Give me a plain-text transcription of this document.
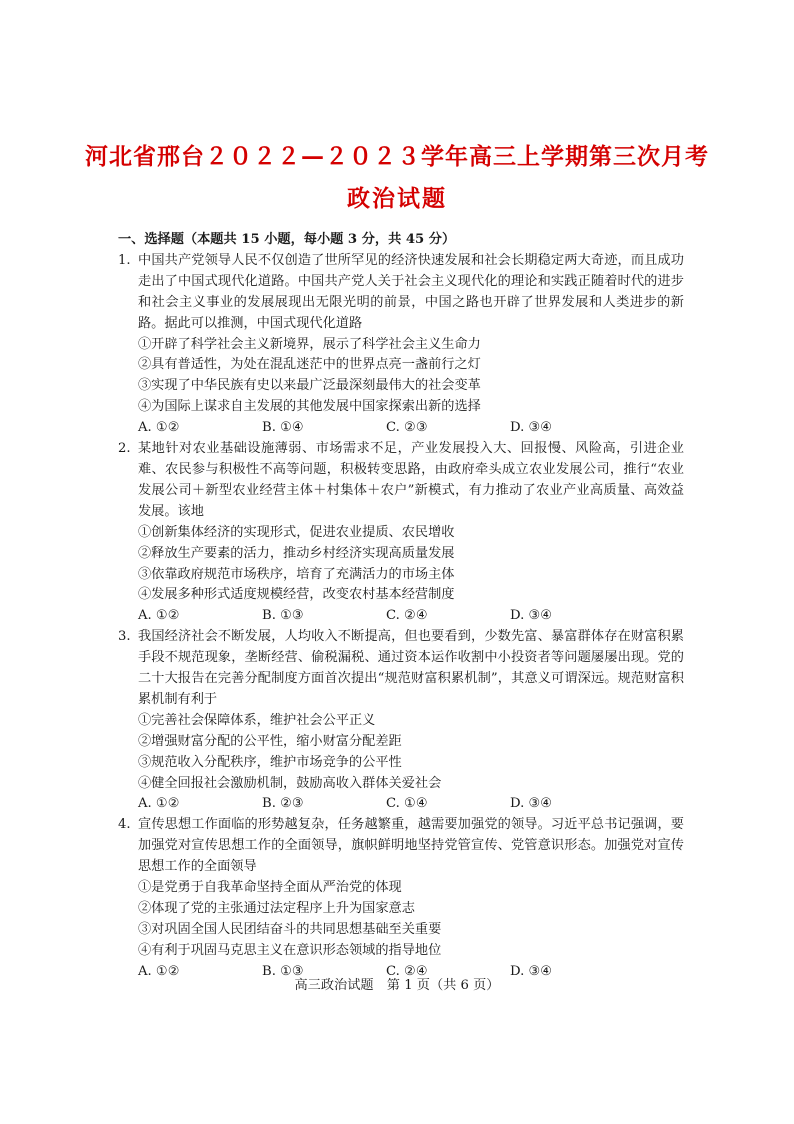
河北省邢台２０２２—２０２３学年高三上学期第三次月考
政治试题
一、选择题（本题共 15 小题，每小题 3 分，共 45 分）
1. 中国共产党领导人民不仅创造了世所罕见的经济快速发展和社会长期稳定两大奇迹，而且成功走出了中国式现代化道路。中国共产党人关于社会主义现代化的理论和实践正随着时代的进步和社会主义事业的发展展现出无限光明的前景，中国之路也开辟了世界发展和人类进步的新路。据此可以推测，中国式现代化道路
①开辟了科学社会主义新境界，展示了科学社会主义生命力
②具有普适性，为处在混乱迷茫中的世界点亮一盏前行之灯
③实现了中华民族有史以来最广泛最深刻最伟大的社会变革
④为国际上谋求自主发展的其他发展中国家探索出新的选择
A. ①②	B. ①④	C. ②③	D. ③④
2. 某地针对农业基础设施薄弱、市场需求不足，产业发展投入大、回报慢、风险高，引进企业难、农民参与积极性不高等问题，积极转变思路，由政府牵头成立农业发展公司，推行“农业发展公司＋新型农业经营主体＋村集体＋农户”新模式，有力推动了农业产业高质量、高效益发展。该地
①创新集体经济的实现形式，促进农业提质、农民增收
②释放生产要素的活力，推动乡村经济实现高质量发展
③依靠政府规范市场秩序，培育了充满活力的市场主体
④发展多种形式适度规模经营，改变农村基本经营制度
A. ①②	B. ①③	C. ②④	D. ③④
3. 我国经济社会不断发展，人均收入不断提高，但也要看到，少数先富、暴富群体存在财富积累手段不规范现象，垄断经营、偷税漏税、通过资本运作收割中小投资者等问题屡屡出现。党的二十大报告在完善分配制度方面首次提出“规范财富积累机制”，其意义可谓深远。规范财富积累机制有利于
①完善社会保障体系，维护社会公平正义
②增强财富分配的公平性，缩小财富分配差距
③规范收入分配秩序，维护市场竞争的公平性
④健全回报社会激励机制，鼓励高收入群体关爱社会
A. ①②	B. ②③	C. ①④	D. ③④
4. 宣传思想工作面临的形势越复杂，任务越繁重，越需要加强党的领导。习近平总书记强调，要加强党对宣传思想工作的全面领导，旗帜鲜明地坚持党管宣传、党管意识形态。加强党对宣传思想工作的全面领导
①是党勇于自我革命坚持全面从严治党的体现
②体现了党的主张通过法定程序上升为国家意志
③对巩固全国人民团结奋斗的共同思想基础至关重要
④有利于巩固马克思主义在意识形态领域的指导地位
A. ①②	B. ①③	C. ②④	D. ③④
高三政治试题　第 1 页（共 6 页）
